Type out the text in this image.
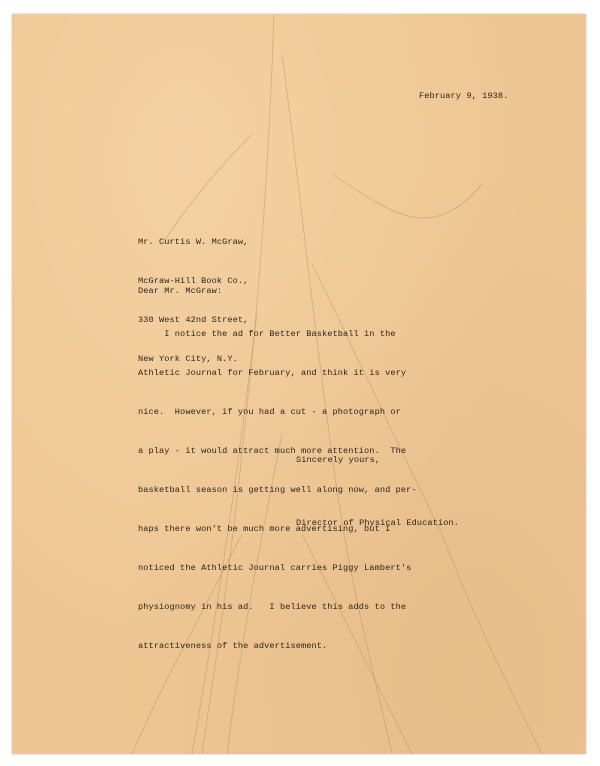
February 9, 1938.

Mr. Curtis W. McGraw,

McGraw-Hill Book Co.,

330 West 42nd Street,

New York City, N.Y.

Dear Mr. McGraw:

I notice the ad for Better Basketball in the

Athletic Journal for February, and think it is very

nice.  However, if you had a cut - a photograph or

a play - it would attract much more attention.  The

basketball season is getting well along now, and per-

haps there won't be much more advertising, but I

noticed the Athletic Journal carries Piggy Lambert's

physiognomy in his ad.   I believe this adds to the

attractiveness of the advertisement.

Sincerely yours,
Director of Physical Education.
